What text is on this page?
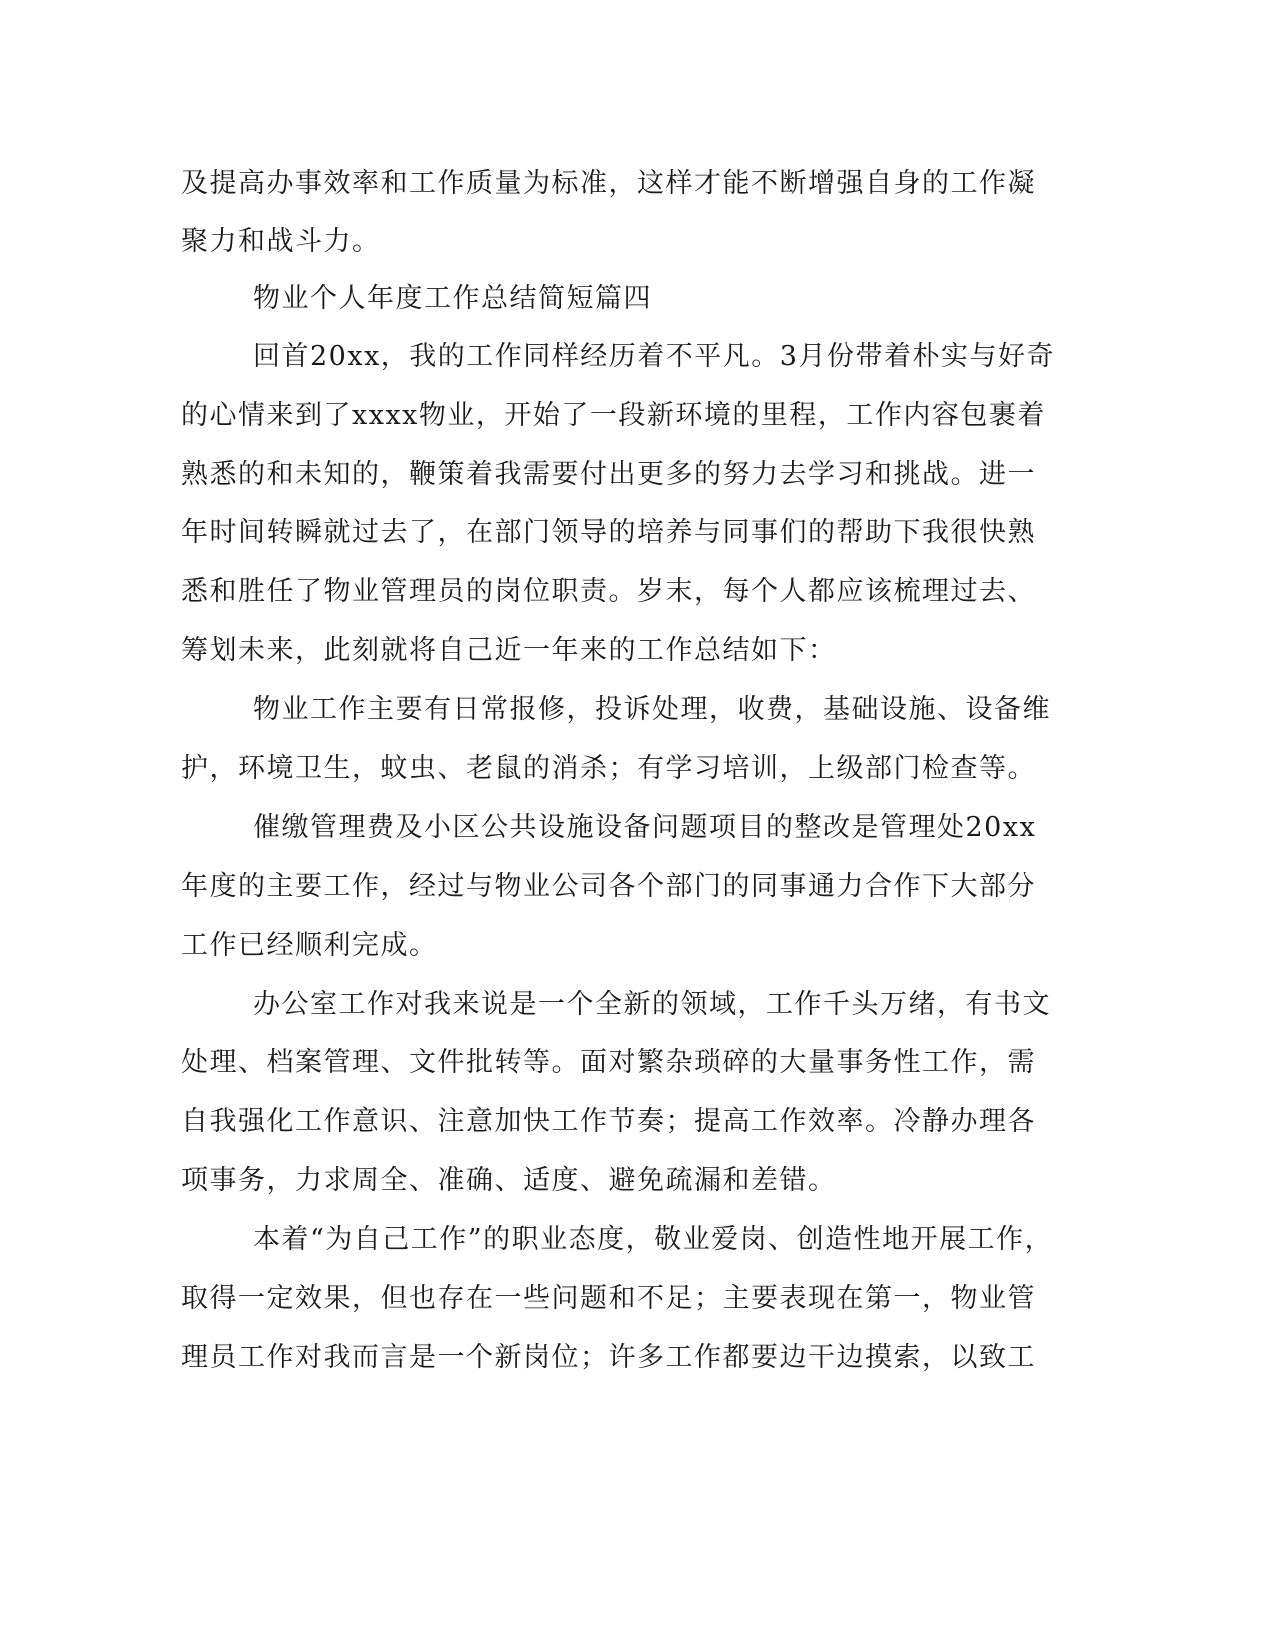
及提高办事效率和工作质量为标准，这样才能不断增强自身的工作凝
聚力和战斗力。
物业个人年度工作总结简短篇四
回首20xx，我的工作同样经历着不平凡。3月份带着朴实与好奇
的心情来到了xxxx物业，开始了一段新环境的里程，工作内容包裹着
熟悉的和未知的，鞭策着我需要付出更多的努力去学习和挑战。进一
年时间转瞬就过去了，在部门领导的培养与同事们的帮助下我很快熟
悉和胜任了物业管理员的岗位职责。岁末，每个人都应该梳理过去、
筹划未来，此刻就将自己近一年来的工作总结如下：
物业工作主要有日常报修，投诉处理，收费，基础设施、设备维
护，环境卫生，蚊虫、老鼠的消杀；有学习培训，上级部门检查等。
催缴管理费及小区公共设施设备问题项目的整改是管理处20xx
年度的主要工作，经过与物业公司各个部门的同事通力合作下大部分
工作已经顺利完成。
办公室工作对我来说是一个全新的领域，工作千头万绪，有书文
处理、档案管理、文件批转等。面对繁杂琐碎的大量事务性工作，需
自我强化工作意识、注意加快工作节奏；提高工作效率。冷静办理各
项事务，力求周全、准确、适度、避免疏漏和差错。
本着“为自己工作”的职业态度，敬业爱岗、创造性地开展工作，
取得一定效果，但也存在一些问题和不足；主要表现在第一，物业管
理员工作对我而言是一个新岗位；许多工作都要边干边摸索，以致工
